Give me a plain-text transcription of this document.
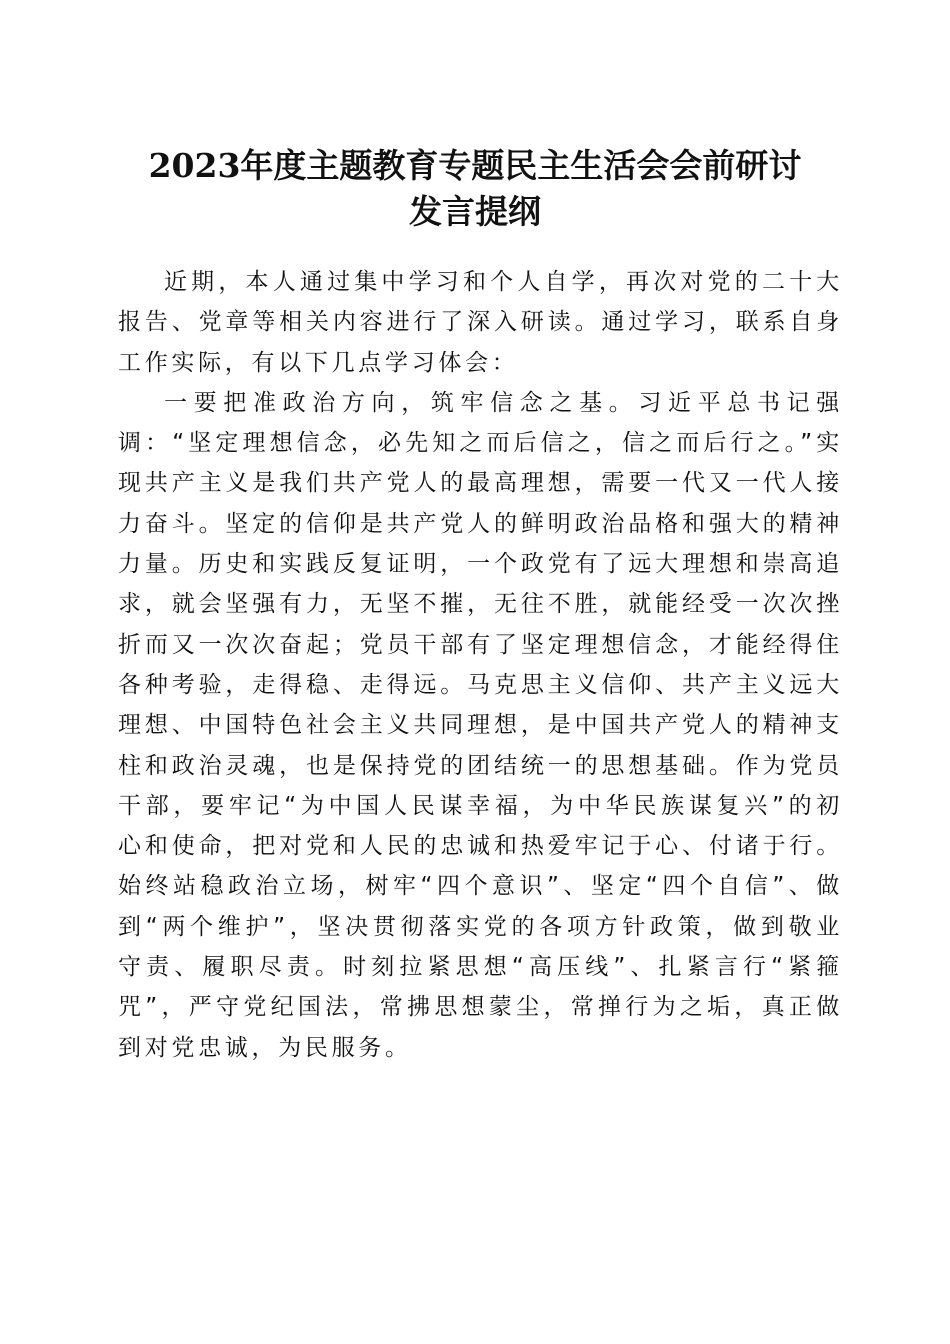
2023年度主题教育专题民主生活会会前研讨
发言提纲

近期，本人通过集中学习和个人自学，再次对党的二十大报告、党章等相关内容进行了深入研读。通过学习，联系自身工作实际，有以下几点学习体会：

一要把准政治方向，筑牢信念之基。习近平总书记强调：“坚定理想信念，必先知之而后信之，信之而后行之。”实现共产主义是我们共产党人的最高理想，需要一代又一代人接力奋斗。坚定的信仰是共产党人的鲜明政治品格和强大的精神力量。历史和实践反复证明，一个政党有了远大理想和崇高追求，就会坚强有力，无坚不摧，无往不胜，就能经受一次次挫折而又一次次奋起；党员干部有了坚定理想信念，才能经得住各种考验，走得稳、走得远。马克思主义信仰、共产主义远大理想、中国特色社会主义共同理想，是中国共产党人的精神支柱和政治灵魂，也是保持党的团结统一的思想基础。作为党员干部，要牢记“为中国人民谋幸福，为中华民族谋复兴”的初心和使命，把对党和人民的忠诚和热爱牢记于心、付诸于行。始终站稳政治立场，树牢“四个意识”、坚定“四个自信”、做到“两个维护”，坚决贯彻落实党的各项方针政策，做到敬业守责、履职尽责。时刻拉紧思想“高压线”、扎紧言行“紧箍咒”，严守党纪国法，常拂思想蒙尘，常掸行为之垢，真正做到对党忠诚，为民服务。
